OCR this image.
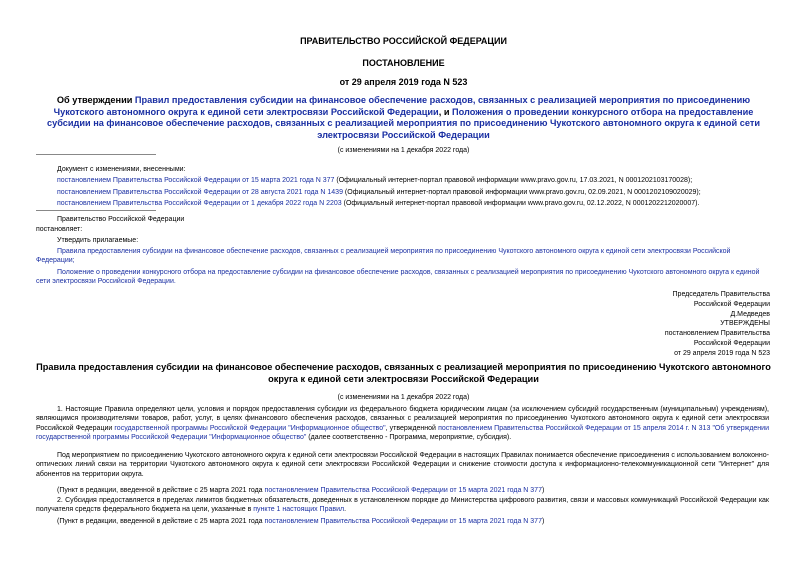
ПРАВИТЕЛЬСТВО РОССИЙСКОЙ ФЕДЕРАЦИИ
ПОСТАНОВЛЕНИЕ
от 29 апреля 2019 года N 523
Об утверждении Правил предоставления субсидии на финансовое обеспечение расходов, связанных с реализацией мероприятия по присоединению Чукотского автономного округа к единой сети электросвязи Российской Федерации, и Положения о проведении конкурсного отбора на предоставление субсидии на финансовое обеспечение расходов, связанных с реализацией мероприятия по присоединению Чукотского автономного округа к единой сети электросвязи Российской Федерации
(с изменениями на 1 декабря 2022 года)
Документ с изменениями, внесенными:
постановлением Правительства Российской Федерации от 15 марта 2021 года N 377 (Официальный интернет-портал правовой информации www.pravo.gov.ru, 17.03.2021, N 0001202103170028);
постановлением Правительства Российской Федерации от 28 августа 2021 года N 1439 (Официальный интернет-портал правовой информации www.pravo.gov.ru, 02.09.2021, N 0001202109020029);
постановлением Правительства Российской Федерации от 1 декабря 2022 года N 2203 (Официальный интернет-портал правовой информации www.pravo.gov.ru, 02.12.2022, N 0001202212020007).
Правительство Российской Федерации
постановляет:
Утвердить прилагаемые:
Правила предоставления субсидии на финансовое обеспечение расходов, связанных с реализацией мероприятия по присоединению Чукотского автономного округа к единой сети электросвязи Российской Федерации;
Положение о проведении конкурсного отбора на предоставление субсидии на финансовое обеспечение расходов, связанных с реализацией мероприятия по присоединению Чукотского автономного округа к единой сети электросвязи Российской Федерации.
Председатель Правительства
Российской Федерации
Д.Медведев
УТВЕРЖДЕНЫ
постановлением Правительства
Российской Федерации
от 29 апреля 2019 года N 523
Правила предоставления субсидии на финансовое обеспечение расходов, связанных с реализацией мероприятия по присоединению Чукотского автономного округа к единой сети электросвязи Российской Федерации
(с изменениями на 1 декабря 2022 года)
1. Настоящие Правила определяют цели, условия и порядок предоставления субсидии из федерального бюджета юридическим лицам (за исключением субсидий государственным (муниципальным) учреждениям), являющимся производителями товаров, работ, услуг, в целях финансового обеспечения расходов, связанных с реализацией мероприятия по присоединению Чукотского автономного округа к единой сети электросвязи Российской Федерации государственной программы Российской Федерации "Информационное общество", утвержденной постановлением Правительства Российской Федерации от 15 апреля 2014 г. N 313 "Об утверждении государственной программы Российской Федерации "Информационное общество" (далее соответственно - Программа, мероприятие, субсидия).
Под мероприятием по присоединению Чукотского автономного округа к единой сети электросвязи Российской Федерации в настоящих Правилах понимается обеспечение присоединения с использованием волоконно-оптических линий связи на территории Чукотского автономного округа к единой сети электросвязи Российской Федерации и снижение стоимости доступа к информационно-телекоммуникационной сети "Интернет" для абонентов на территории округа.
(Пункт в редакции, введенной в действие с 25 марта 2021 года постановлением Правительства Российской Федерации от 15 марта 2021 года N 377)
2. Субсидия предоставляется в пределах лимитов бюджетных обязательств, доведенных в установленном порядке до Министерства цифрового развития, связи и массовых коммуникаций Российской Федерации как получателя средств федерального бюджета на цели, указанные в пункте 1 настоящих Правил.
(Пункт в редакции, введенной в действие с 25 марта 2021 года постановлением Правительства Российской Федерации от 15 марта 2021 года N 377)
